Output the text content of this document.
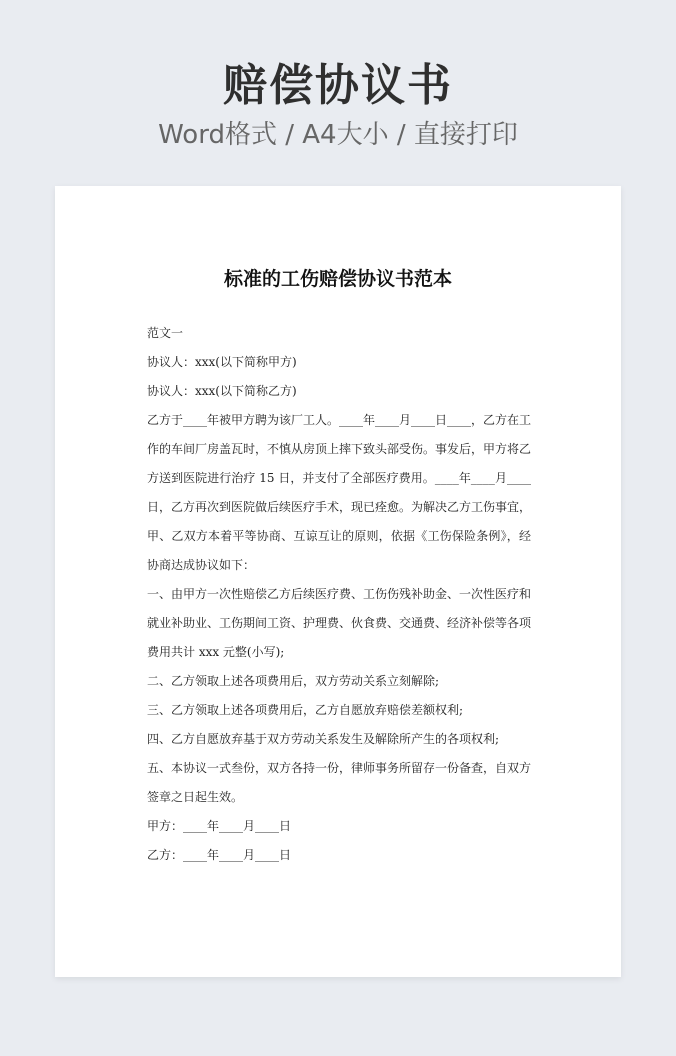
赔偿协议书
Word格式 / A4大小 / 直接打印
标准的工伤赔偿协议书范本

范文一

协议人：xxx(以下简称甲方)

协议人：xxx(以下简称乙方)

乙方于____年被甲方聘为该厂工人。____年____月____日____，乙方在工作的车间厂房盖瓦时，不慎从房顶上摔下致头部受伤。事发后，甲方将乙方送到医院进行治疗 15 日，并支付了全部医疗费用。____年____月____日，乙方再次到医院做后续医疗手术，现已痊愈。为解决乙方工伤事宜，甲、乙双方本着平等协商、互谅互让的原则，依据《工伤保险条例》，经协商达成协议如下：

一、由甲方一次性赔偿乙方后续医疗费、工伤伤残补助金、一次性医疗和就业补助业、工伤期间工资、护理费、伙食费、交通费、经济补偿等各项费用共计 xxx 元整(小写);

二、乙方领取上述各项费用后，双方劳动关系立刻解除;

三、乙方领取上述各项费用后，乙方自愿放弃赔偿差额权利;

四、乙方自愿放弃基于双方劳动关系发生及解除所产生的各项权利;

五、本协议一式叁份，双方各持一份，律师事务所留存一份备查，自双方签章之日起生效。

甲方：____年____月____日

乙方：____年____月____日
